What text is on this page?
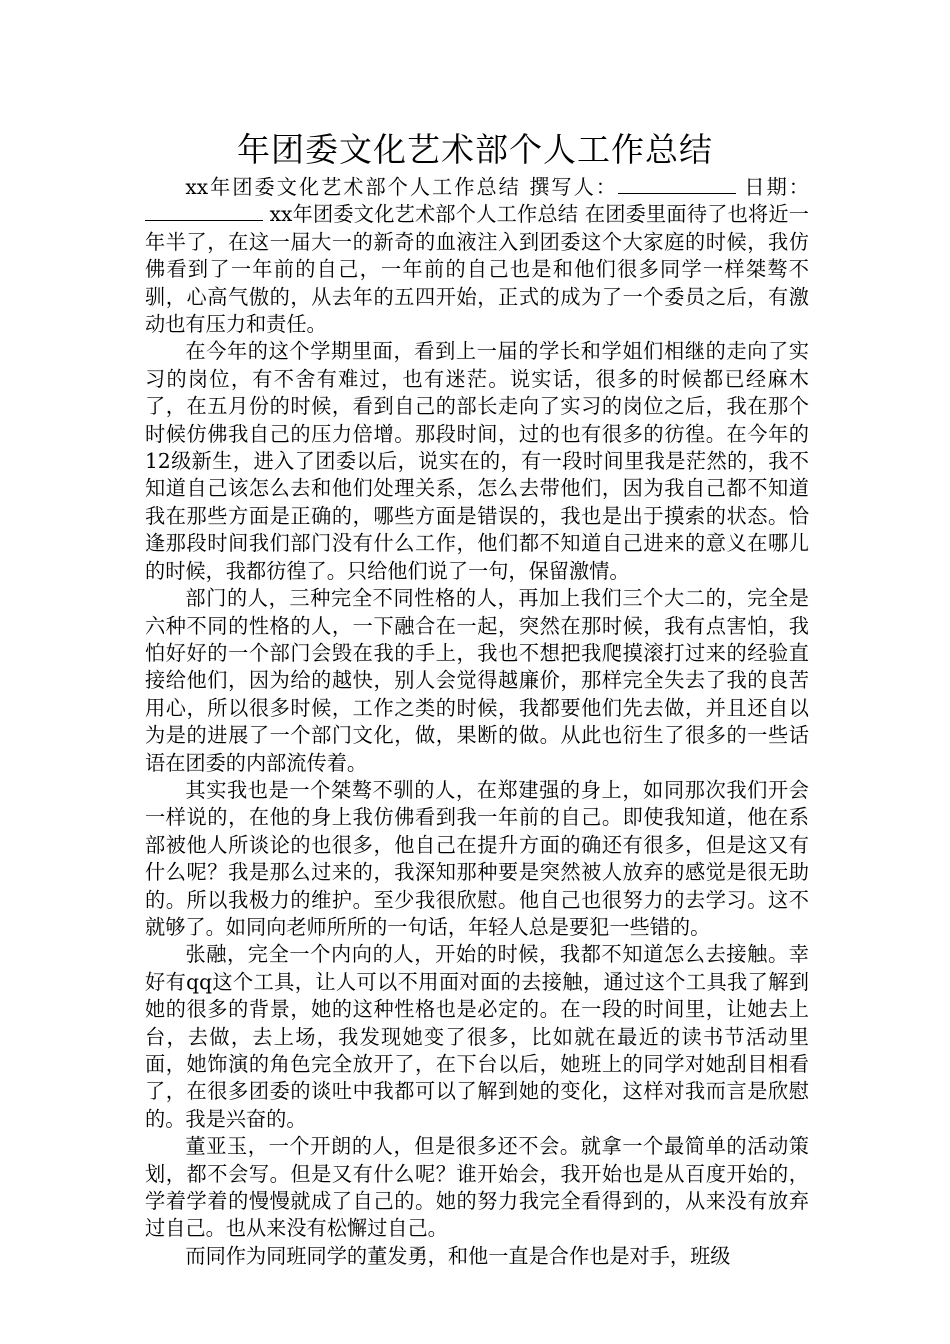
年团委文化艺术部个人工作总结

xx年团委文化艺术部个人工作总结 撰写人：	日期： xx年团委文化艺术部个人工作总结 在团委里面待了也将近一年半了，在这一届大一的新奇的血液注入到团委这个大家庭的时候，我仿佛看到了一年前的自己，一年前的自己也是和他们很多同学一样桀骜不驯，心高气傲的，从去年的五四开始，正式的成为了一个委员之后，有激动也有压力和责任。

在今年的这个学期里面，看到上一届的学长和学姐们相继的走向了实习的岗位，有不舍有难过，也有迷茫。说实话，很多的时候都已经麻木了，在五月份的时候，看到自己的部长走向了实习的岗位之后，我在那个时候仿佛我自己的压力倍增。那段时间，过的也有很多的彷徨。在今年的12级新生，进入了团委以后，说实在的，有一段时间里我是茫然的，我不知道自己该怎么去和他们处理关系，怎么去带他们，因为我自己都不知道我在那些方面是正确的，哪些方面是错误的，我也是出于摸索的状态。恰逢那段时间我们部门没有什么工作，他们都不知道自己进来的意义在哪儿的时候，我都彷徨了。只给他们说了一句，保留激情。

部门的人，三种完全不同性格的人，再加上我们三个大二的，完全是六种不同的性格的人，一下融合在一起，突然在那时候，我有点害怕，我怕好好的一个部门会毁在我的手上，我也不想把我爬摸滚打过来的经验直接给他们，因为给的越快，别人会觉得越廉价，那样完全失去了我的良苦用心，所以很多时候，工作之类的时候，我都要他们先去做，并且还自以为是的进展了一个部门文化，做，果断的做。从此也衍生了很多的一些话语在团委的内部流传着。

其实我也是一个桀骜不驯的人，在郑建强的身上，如同那次我们开会一样说的，在他的身上我仿佛看到我一年前的自己。即使我知道，他在系部被他人所谈论的也很多，他自己在提升方面的确还有很多，但是这又有什么呢？我是那么过来的，我深知那种要是突然被人放弃的感觉是很无助的。所以我极力的维护。至少我很欣慰。他自己也很努力的去学习。这不就够了。如同向老师所所的一句话，年轻人总是要犯一些错的。

张融，完全一个内向的人，开始的时候，我都不知道怎么去接触。幸好有qq这个工具，让人可以不用面对面的去接触，通过这个工具我了解到她的很多的背景，她的这种性格也是必定的。在一段的时间里，让她去上台，去做，去上场，我发现她变了很多，比如就在最近的读书节活动里面，她饰演的角色完全放开了，在下台以后，她班上的同学对她刮目相看了，在很多团委的谈吐中我都可以了解到她的变化，这样对我而言是欣慰的。我是兴奋的。

董亚玉，一个开朗的人，但是很多还不会。就拿一个最简单的活动策划，都不会写。但是又有什么呢？谁开始会，我开始也是从百度开始的，学着学着的慢慢就成了自己的。她的努力我完全看得到的，从来没有放弃过自己。也从来没有松懈过自己。

而同作为同班同学的董发勇，和他一直是合作也是对手，班级
